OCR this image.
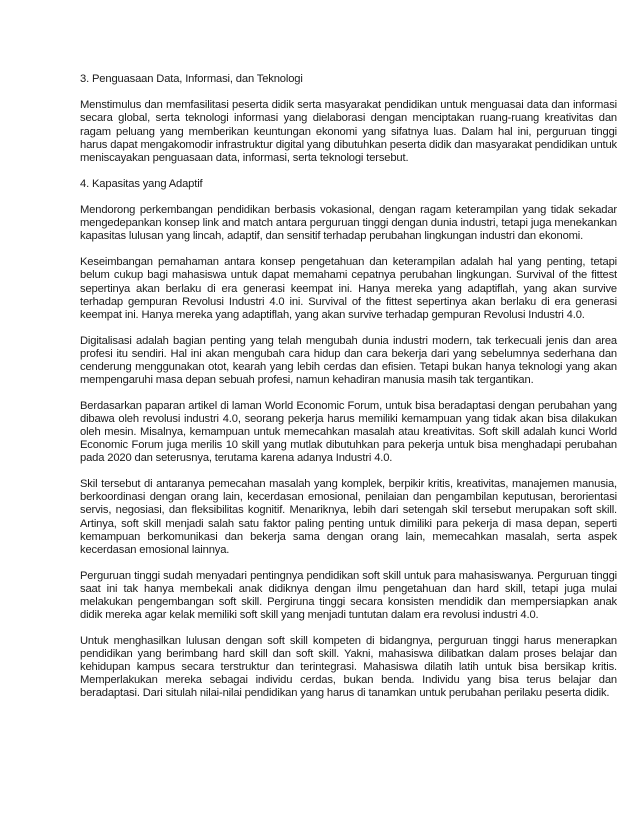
3. Penguasaan Data, Informasi, dan Teknologi

Menstimulus dan memfasilitasi peserta didik serta masyarakat pendidikan untuk menguasai data dan informasi secara global, serta teknologi informasi yang dielaborasi dengan menciptakan ruang-ruang kreativitas dan ragam peluang yang memberikan keuntungan ekonomi yang sifatnya luas. Dalam hal ini, perguruan tinggi harus dapat mengakomodir infrastruktur digital yang dibutuhkan peserta didik dan masyarakat pendidikan untuk meniscayakan penguasaan data, informasi, serta teknologi tersebut.

4. Kapasitas yang Adaptif

Mendorong perkembangan pendidikan berbasis vokasional, dengan ragam keterampilan yang tidak sekadar mengedepankan konsep link and match antara perguruan tinggi dengan dunia industri, tetapi juga menekankan kapasitas lulusan yang lincah, adaptif, dan sensitif terhadap perubahan lingkungan industri dan ekonomi.

Keseimbangan pemahaman antara konsep pengetahuan dan keterampilan adalah hal yang penting, tetapi belum cukup bagi mahasiswa untuk dapat memahami cepatnya perubahan lingkungan. Survival of the fittest sepertinya akan berlaku di era generasi keempat ini. Hanya mereka yang adaptiflah, yang akan survive terhadap gempuran Revolusi Industri 4.0 ini. Survival of the fittest sepertinya akan berlaku di era generasi keempat ini. Hanya mereka yang adaptiflah, yang akan survive terhadap gempuran Revolusi Industri 4.0.

Digitalisasi adalah bagian penting yang telah mengubah dunia industri modern, tak terkecuali jenis dan area profesi itu sendiri. Hal ini akan mengubah cara hidup dan cara bekerja dari yang sebelumnya sederhana dan cenderung menggunakan otot, kearah yang lebih cerdas dan efisien. Tetapi bukan hanya teknologi yang akan mempengaruhi masa depan sebuah profesi, namun kehadiran manusia masih tak tergantikan.

Berdasarkan paparan artikel di laman World Economic Forum, untuk bisa beradaptasi dengan perubahan yang dibawa oleh revolusi industri 4.0, seorang pekerja harus memiliki kemampuan yang tidak akan bisa dilakukan oleh mesin. Misalnya, kemampuan untuk memecahkan masalah atau kreativitas. Soft skill adalah kunci World Economic Forum juga merilis 10 skill yang mutlak dibutuhkan para pekerja untuk bisa menghadapi perubahan pada 2020 dan seterusnya, terutama karena adanya Industri 4.0.

Skil tersebut di antaranya pemecahan masalah yang komplek, berpikir kritis, kreativitas, manajemen manusia, berkoordinasi dengan orang lain, kecerdasan emosional, penilaian dan pengambilan keputusan, berorientasi servis, negosiasi, dan fleksibilitas kognitif. Menariknya, lebih dari setengah skil tersebut merupakan soft skill. Artinya, soft skill menjadi salah satu faktor paling penting untuk dimiliki para pekerja di masa depan, seperti kemampuan berkomunikasi dan bekerja sama dengan orang lain, memecahkan masalah, serta aspek kecerdasan emosional lainnya.

Perguruan tinggi sudah menyadari pentingnya pendidikan soft skill untuk para mahasiswanya. Perguruan tinggi saat ini tak hanya membekali anak didiknya dengan ilmu pengetahuan dan hard skill, tetapi juga mulai melakukan pengembangan soft skill. Pergiruna tinggi secara konsisten mendidik dan mempersiapkan anak didik mereka agar kelak memiliki soft skill yang menjadi tuntutan dalam era revolusi industri 4.0.

Untuk menghasilkan lulusan dengan soft skill kompeten di bidangnya, perguruan tinggi harus menerapkan pendidikan yang berimbang hard skill dan soft skill. Yakni, mahasiswa dilibatkan dalam proses belajar dan kehidupan kampus secara terstruktur dan terintegrasi. Mahasiswa dilatih latih untuk bisa bersikap kritis. Memperlakukan mereka sebagai individu cerdas, bukan benda. Individu yang bisa terus belajar dan beradaptasi. Dari situlah nilai-nilai pendidikan yang harus di tanamkan untuk perubahan perilaku peserta didik.
